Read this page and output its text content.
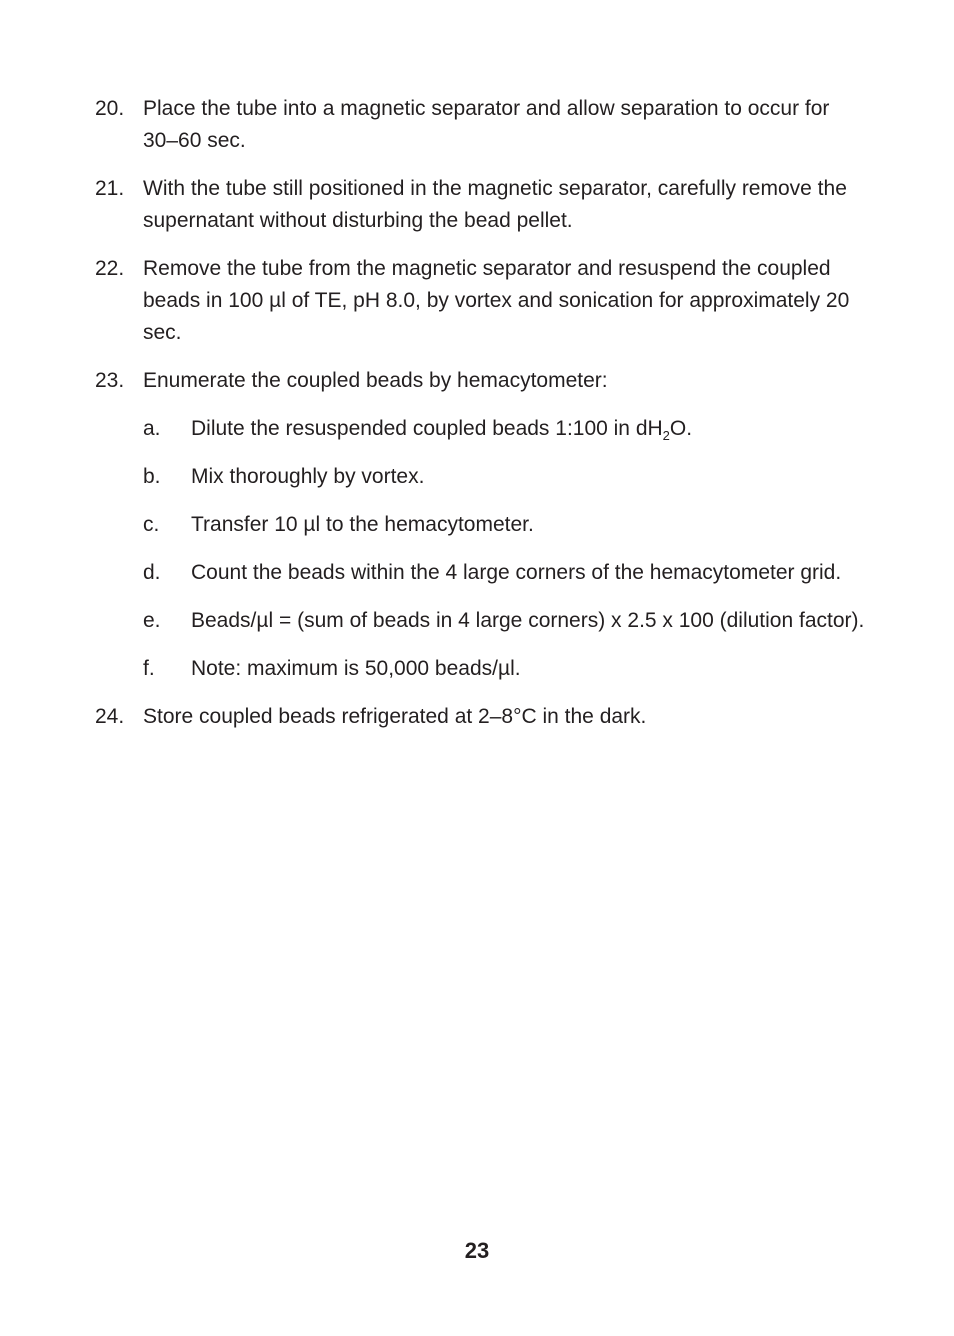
20. Place the tube into a magnetic separator and allow separation to occur for 30–60 sec.
21. With the tube still positioned in the magnetic separator, carefully remove the supernatant without disturbing the bead pellet.
22. Remove the tube from the magnetic separator and resuspend the coupled beads in 100 µl of TE, pH 8.0, by vortex and sonication for approximately 20 sec.
23. Enumerate the coupled beads by hemacytometer:
a. Dilute the resuspended coupled beads 1:100 in $dH_2O$.
b. Mix thoroughly by vortex.
c. Transfer 10 µl to the hemacytometer.
d. Count the beads within the 4 large corners of the hemacytometer grid.
e. Beads/µl = (sum of beads in 4 large corners) x 2.5 x 100 (dilution factor).
f. Note: maximum is 50,000 beads/µl.
24. Store coupled beads refrigerated at 2–8°C in the dark.
23
